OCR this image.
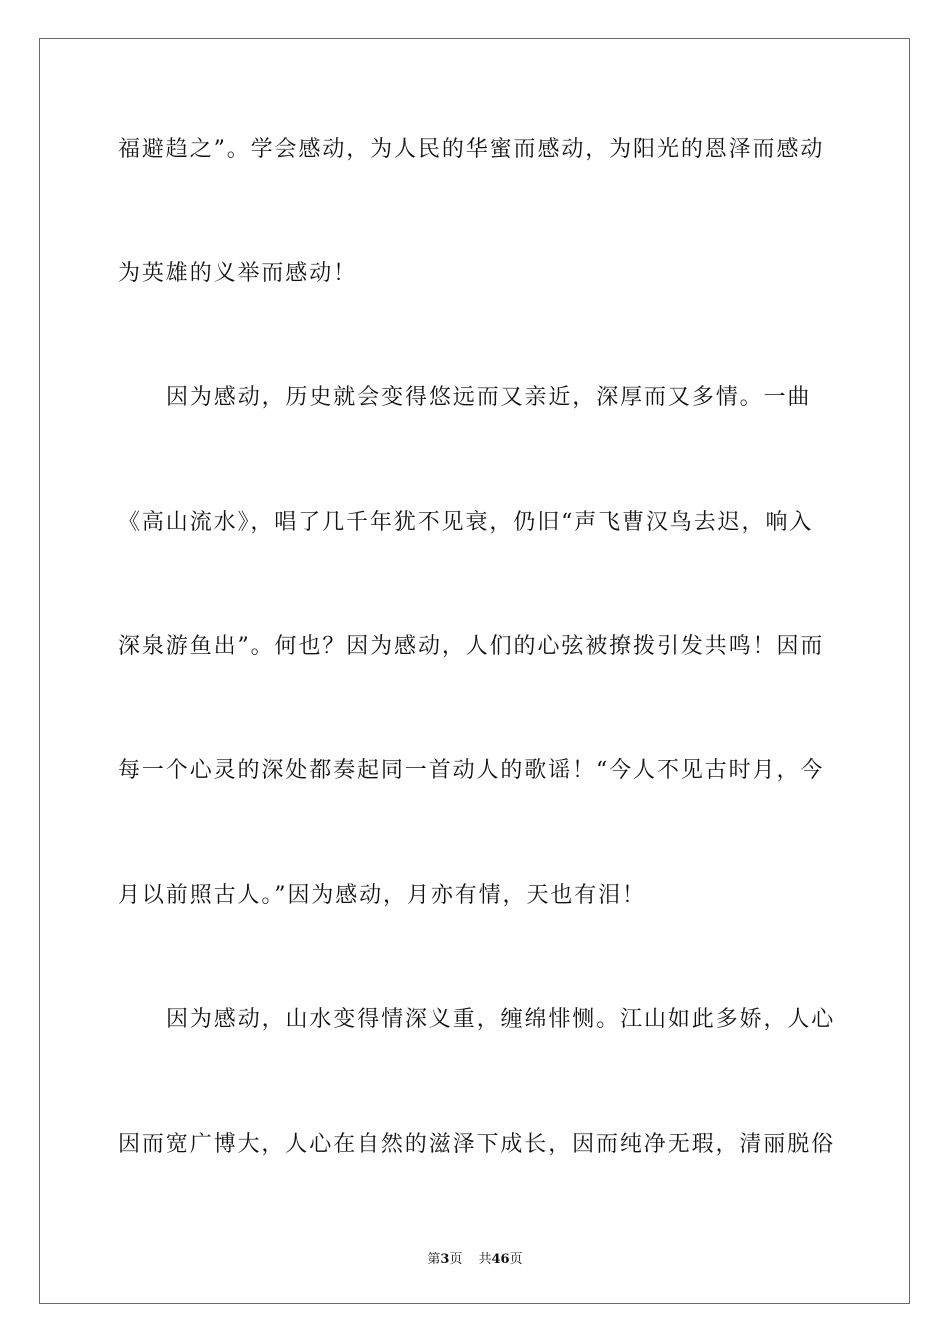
福避趋之”。学会感动，为人民的华蜜而感动，为阳光的恩泽而感动
为英雄的义举而感动！
因为感动，历史就会变得悠远而又亲近，深厚而又多情。一曲
《高山流水》，唱了几千年犹不见衰，仍旧“声飞曹汉鸟去迟，响入
深泉游鱼出”。何也？因为感动，人们的心弦被撩拨引发共鸣！因而
每一个心灵的深处都奏起同一首动人的歌谣！“今人不见古时月，今
月以前照古人。”因为感动，月亦有情，天也有泪！
因为感动，山水变得情深义重，缠绵悱恻。江山如此多娇，人心
因而宽广博大，人心在自然的滋泽下成长，因而纯净无瑕，清丽脱俗
第3页 共46页
